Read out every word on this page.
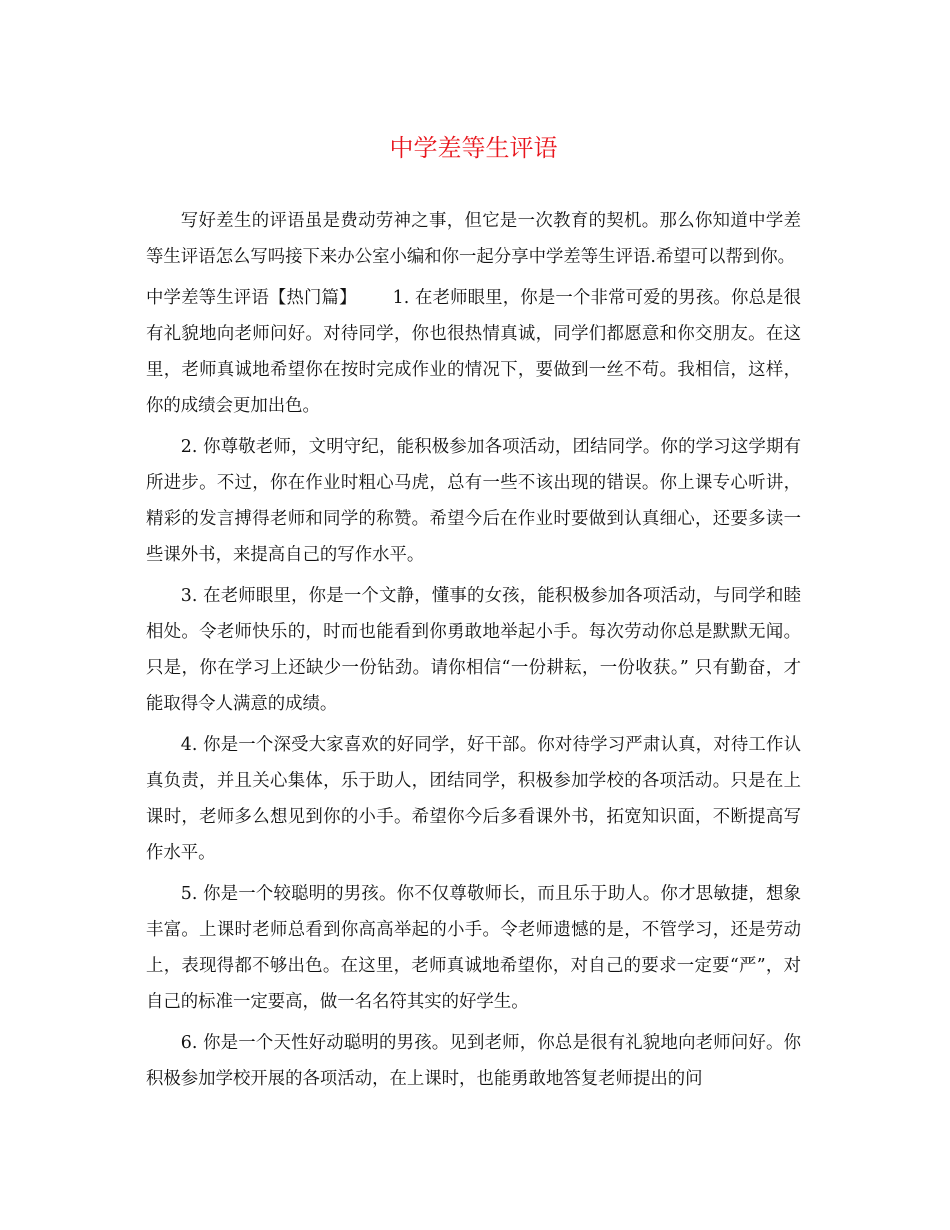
中学差等生评语

写好差生的评语虽是费动劳神之事，但它是一次教育的契机。那么你知道中学差等生评语怎么写吗接下来办公室小编和你一起分享中学差等生评语.希望可以帮到你。

中学差等生评语【热门篇】 1. 在老师眼里，你是一个非常可爱的男孩。你总是很有礼貌地向老师问好。对待同学，你也很热情真诚，同学们都愿意和你交朋友。在这里，老师真诚地希望你在按时完成作业的情况下，要做到一丝不苟。我相信，这样，你的成绩会更加出色。

2. 你尊敬老师，文明守纪，能积极参加各项活动，团结同学。你的学习这学期有所进步。不过，你在作业时粗心马虎，总有一些不该出现的错误。你上课专心听讲，精彩的发言搏得老师和同学的称赞。希望今后在作业时要做到认真细心，还要多读一些课外书，来提高自己的写作水平。

3. 在老师眼里，你是一个文静，懂事的女孩，能积极参加各项活动，与同学和睦相处。令老师快乐的，时而也能看到你勇敢地举起小手。每次劳动你总是默默无闻。只是，你在学习上还缺少一份钻劲。请你相信“一份耕耘，一份收获。” 只有勤奋，才能取得令人满意的成绩。

4. 你是一个深受大家喜欢的好同学，好干部。你对待学习严肃认真，对待工作认真负责，并且关心集体，乐于助人，团结同学，积极参加学校的各项活动。只是在上课时，老师多么想见到你的小手。希望你今后多看课外书，拓宽知识面，不断提高写作水平。

5. 你是一个较聪明的男孩。你不仅尊敬师长，而且乐于助人。你才思敏捷，想象丰富。上课时老师总看到你高高举起的小手。令老师遗憾的是，不管学习，还是劳动上，表现得都不够出色。在这里，老师真诚地希望你，对自己的要求一定要“严”，对自己的标准一定要高，做一名名符其实的好学生。

6. 你是一个天性好动聪明的男孩。见到老师，你总是很有礼貌地向老师问好。你积极参加学校开展的各项活动，在上课时，也能勇敢地答复老师提出的问
